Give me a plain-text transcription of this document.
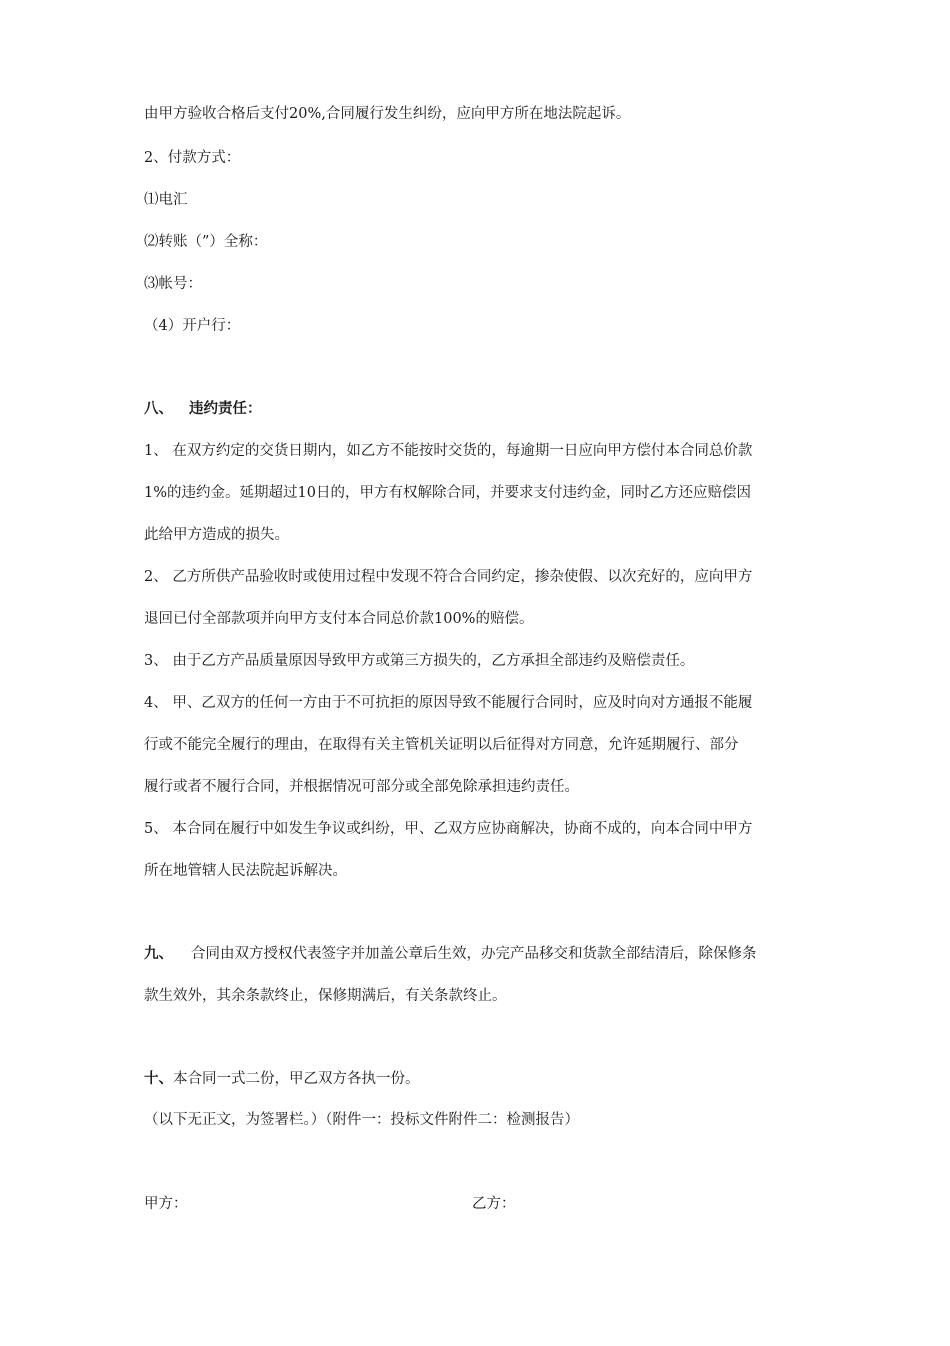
由甲方验收合格后支付20%,合同履行发生纠纷，应向甲方所在地法院起诉。
2、付款方式：
⑴电汇
⑵转账（”）全称：
⑶帐号：
（4）开户行：
八、 违约责任：
1、 在双方约定的交货日期内，如乙方不能按时交货的，每逾期一日应向甲方偿付本合同总价款
1%的违约金。延期超过10日的，甲方有权解除合同，并要求支付违约金，同时乙方还应赔偿因
此给甲方造成的损失。
2、 乙方所供产品验收时或使用过程中发现不符合合同约定，掺杂使假、以次充好的，应向甲方
退回已付全部款项并向甲方支付本合同总价款100%的赔偿。
3、 由于乙方产品质量原因导致甲方或第三方损失的，乙方承担全部违约及赔偿责任。
4、 甲、乙双方的任何一方由于不可抗拒的原因导致不能履行合同时，应及时向对方通报不能履
行或不能完全履行的理由，在取得有关主管机关证明以后征得对方同意，允许延期履行、部分
履行或者不履行合同，并根据情况可部分或全部免除承担违约责任。
5、 本合同在履行中如发生争议或纠纷，甲、乙双方应协商解决，协商不成的，向本合同中甲方
所在地管辖人民法院起诉解决。
九、 合同由双方授权代表签字并加盖公章后生效，办完产品移交和货款全部结清后，除保修条
款生效外，其余条款终止，保修期满后，有关条款终止。
十、本合同一式二份，甲乙双方各执一份。
（以下无正文，为签署栏。）（附件一：投标文件附件二：检测报告）
甲方：	乙方：
